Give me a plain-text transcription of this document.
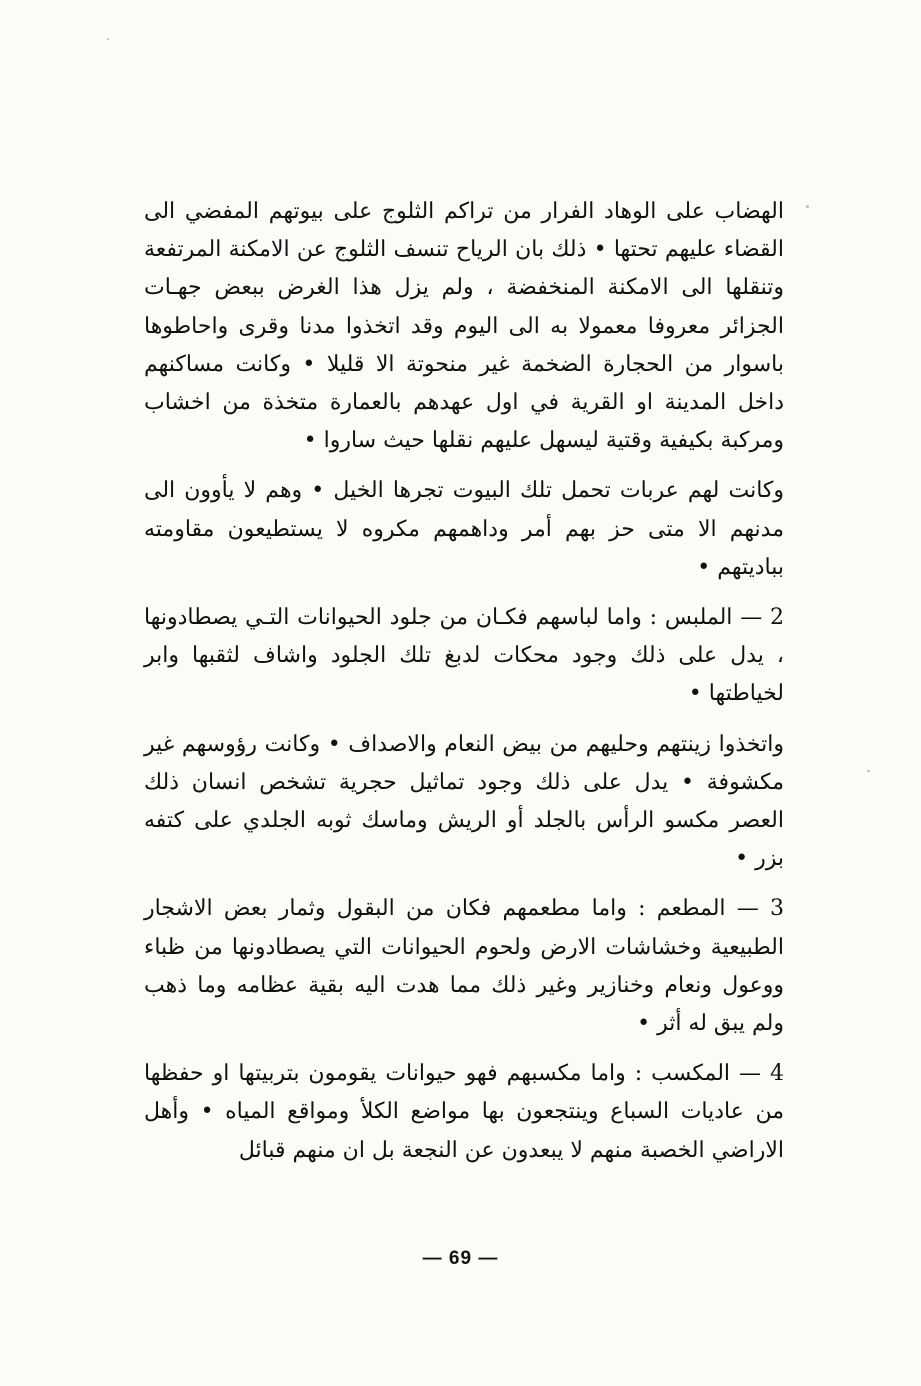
الهضاب على الوهاد الفرار من تراكم الثلوج على بيوتهم المفضي الى القضاء عليهم تحتها • ذلك بان الرياح تنسف الثلوج عن الامكنة المرتفعة وتنقلها الى الامكنة المنخفضة ، ولم يزل هذا الغرض ببعض جهـات الجزائر معروفا معمولا به الى اليوم وقد اتخذوا مدنا وقرى واحاطوها باسوار من الحجارة الضخمة غير منحوتة الا قليلا • وكانت مساكنهم داخل المدينة او القرية في اول عهدهم بالعمارة متخذة من اخشاب ومركبة بكيفية وقتية ليسهل عليهم نقلها حيث ساروا •

وكانت لهم عربات تحمل تلك البيوت تجرها الخيل • وهم لا يأوون الى مدنهم الا متى حز بهم أمر وداهمهم مكروه لا يستطيعون مقاومته بباديتهم •

2 — الملبس : واما لباسهم فكـان من جلود الحيوانات التـي يصطادونها ، يدل على ذلك وجود محكات لدبغ تلك الجلود واشاف لثقبها وابر لخياطتها •

واتخذوا زينتهم وحليهم من بيض النعام والاصداف • وكانت رؤوسهم غير مكشوفة • يدل على ذلك وجود تماثيل حجرية تشخص انسان ذلك العصر مكسو الرأس بالجلد أو الريش وماسك ثوبه الجلدي على كتفه بزر •

3 — المطعم : واما مطعمهم فكان من البقول وثمار بعض الاشجار الطبيعية وخشاشات الارض ولحوم الحيوانات التي يصطادونها من ظباء ووعول ونعام وخنازير وغير ذلك مما هدت اليه بقية عظامه وما ذهب ولم يبق له أثر •

4 — المكسب : واما مكسبهم فهو حيوانات يقومون بتربيتها او حفظها من عاديات السباع وينتجعون بها مواضع الكلأ ومواقع المياه • وأهل الاراضي الخصبة منهم لا يبعدون عن النجعة بل ان منهم قبائل

— 69 —
